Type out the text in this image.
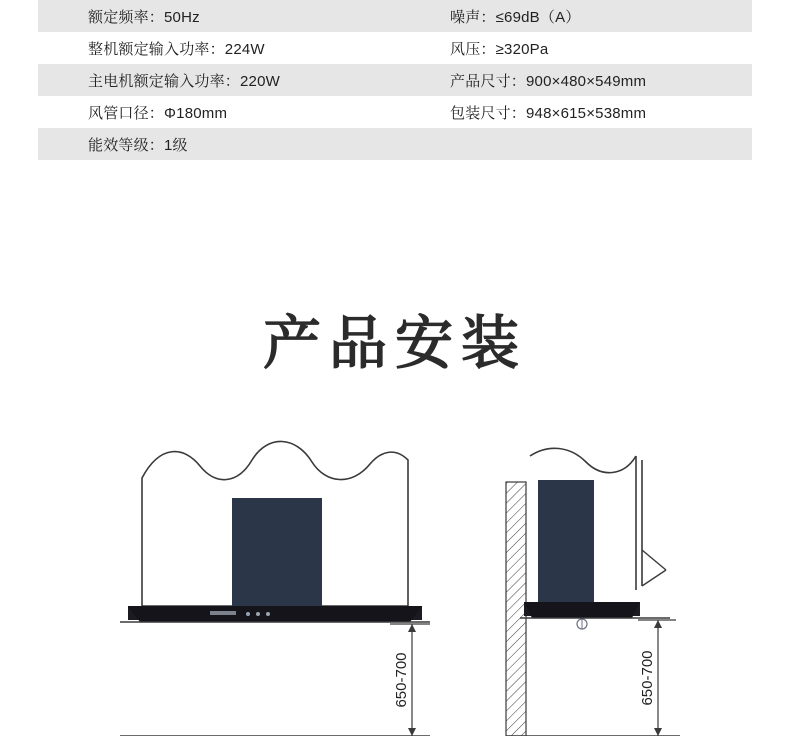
额定频率：50Hz	噪声：≤69dB（A）
整机额定输入功率：224W	风压：≥320Pa
主电机额定输入功率：220W	产品尺寸：900×480×549mm
风管口径：Φ180mm	包装尺寸：948×615×538mm
能效等级：1级
产品安装
650-700	650-700
